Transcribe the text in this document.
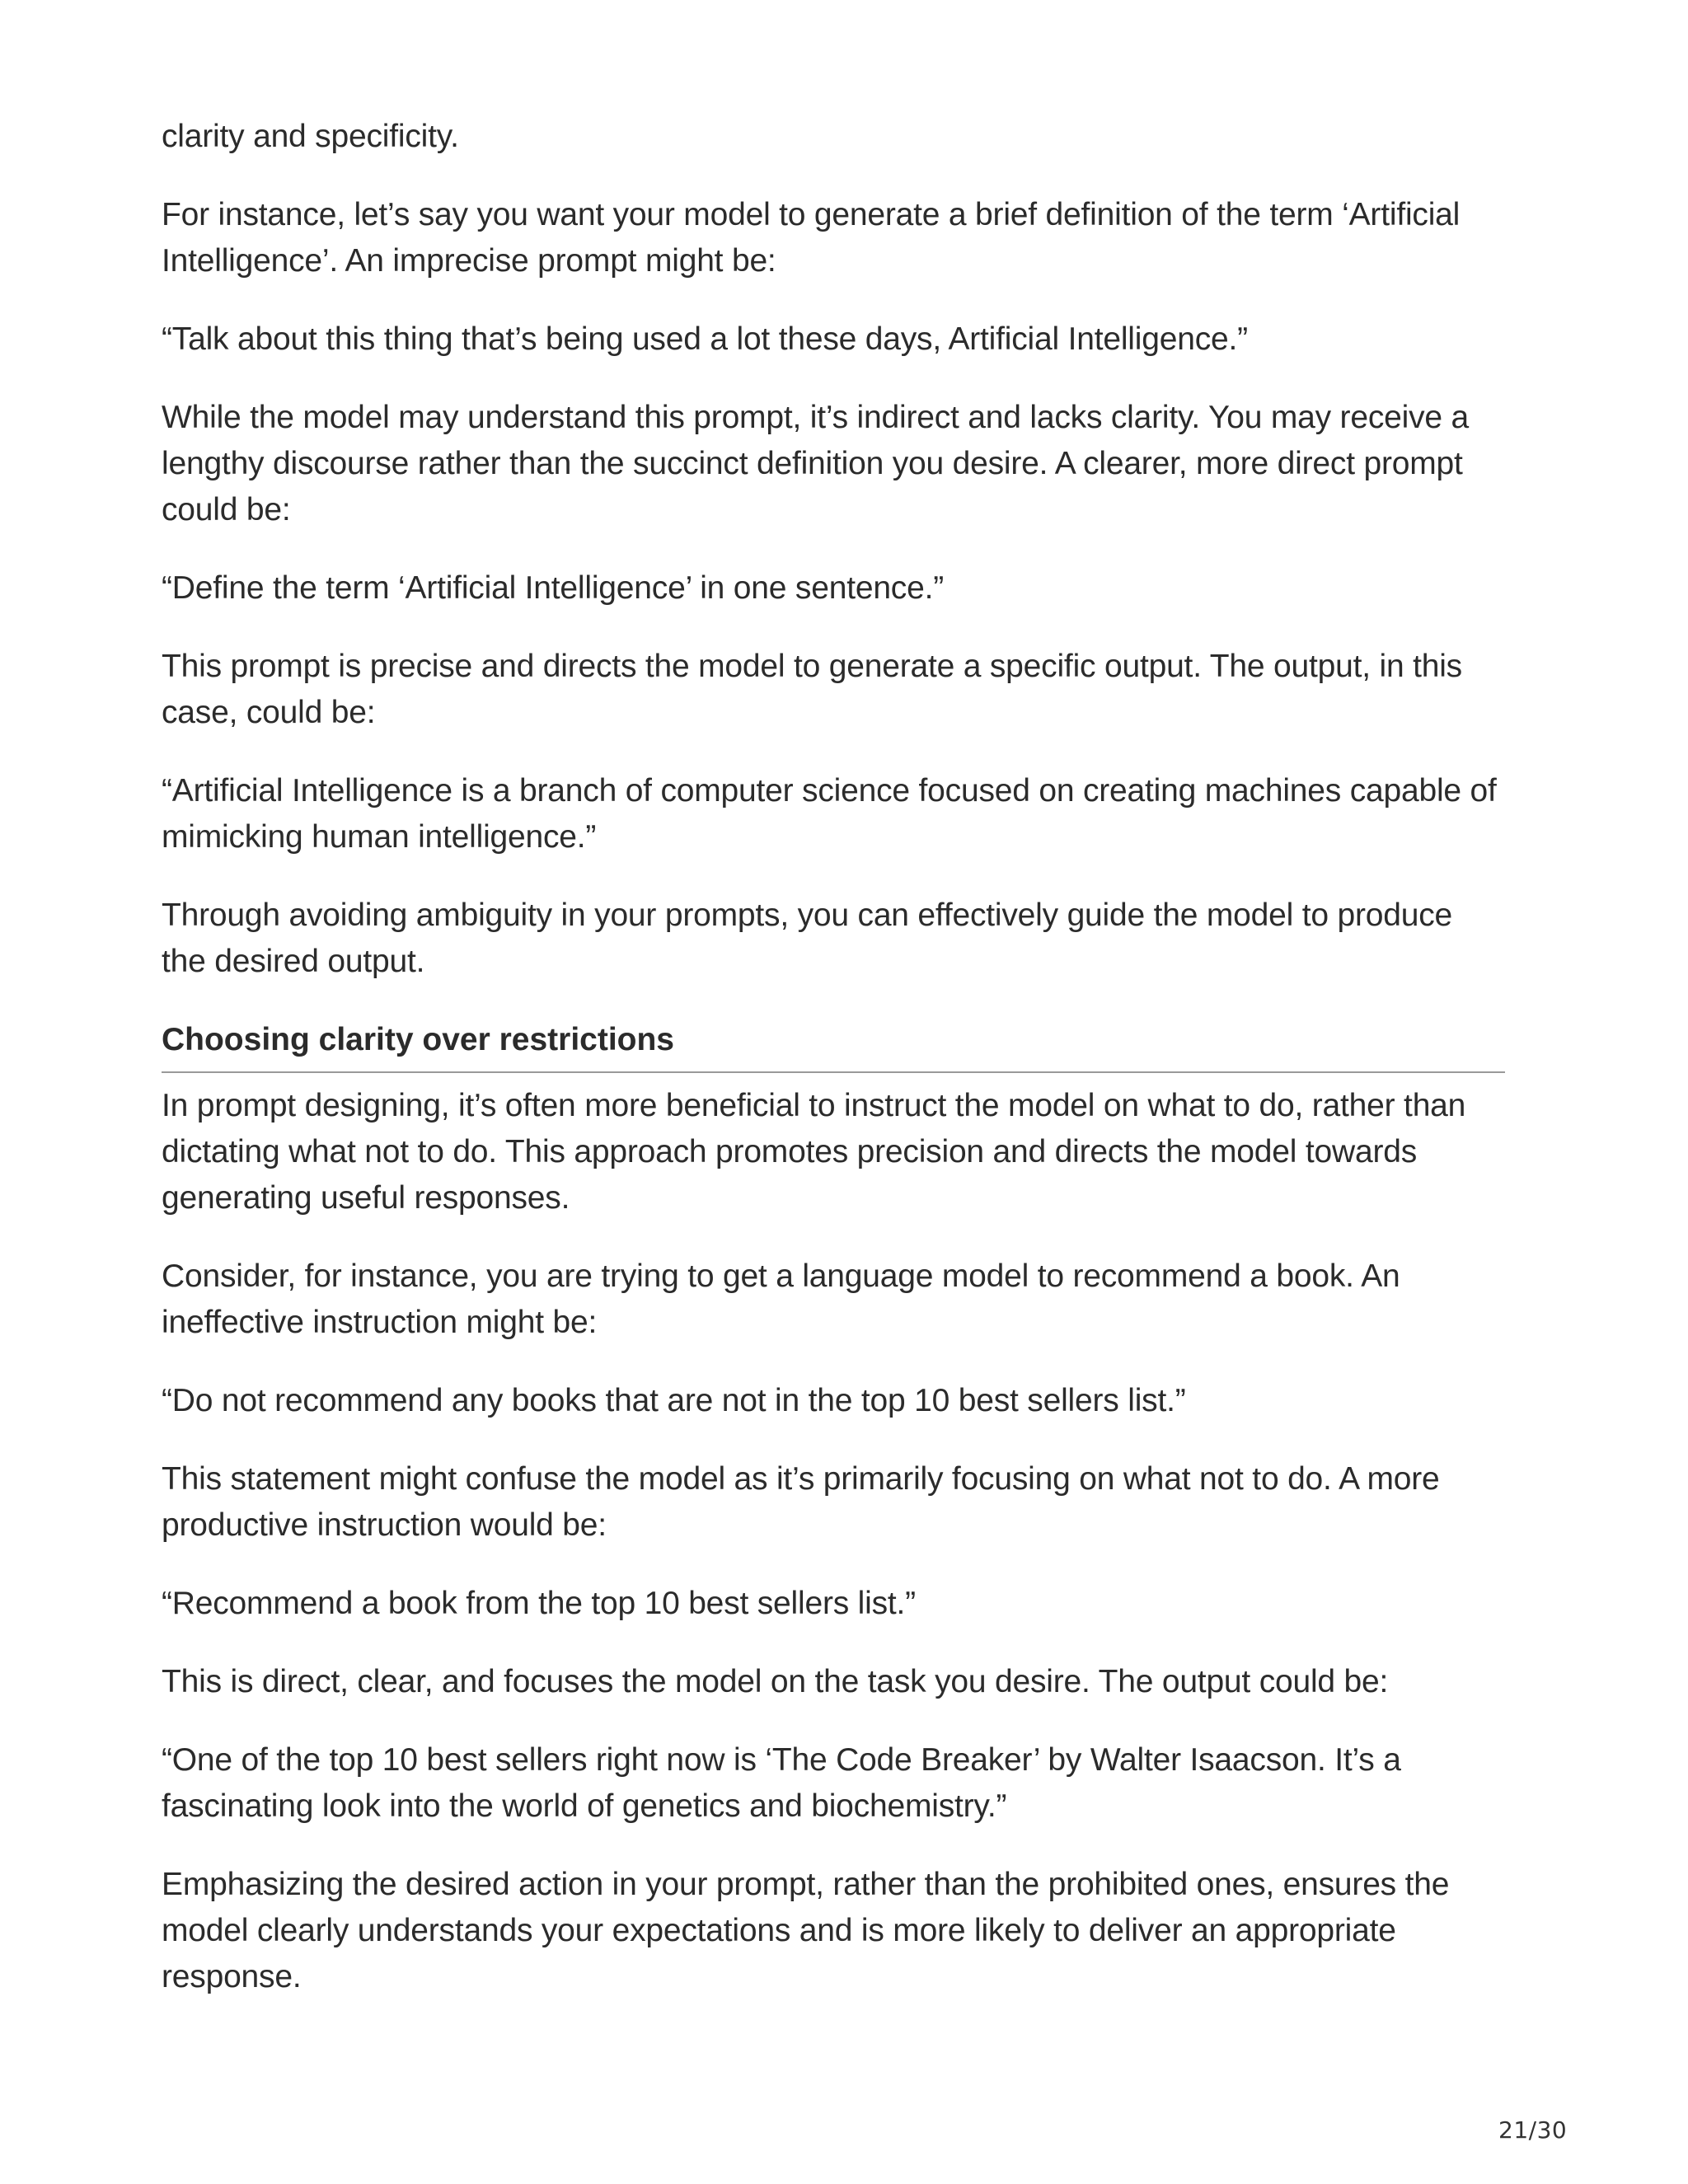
clarity and specificity.

For instance, let’s say you want your model to generate a brief definition of the term ‘Artificial Intelligence’. An imprecise prompt might be:

“Talk about this thing that’s being used a lot these days, Artificial Intelligence.”

While the model may understand this prompt, it’s indirect and lacks clarity. You may receive a lengthy discourse rather than the succinct definition you desire. A clearer, more direct prompt could be:

“Define the term ‘Artificial Intelligence’ in one sentence.”

This prompt is precise and directs the model to generate a specific output. The output, in this case, could be:

“Artificial Intelligence is a branch of computer science focused on creating machines capable of mimicking human intelligence.”

Through avoiding ambiguity in your prompts, you can effectively guide the model to produce the desired output.

Choosing clarity over restrictions

In prompt designing, it’s often more beneficial to instruct the model on what to do, rather than dictating what not to do. This approach promotes precision and directs the model towards generating useful responses.

Consider, for instance, you are trying to get a language model to recommend a book. An ineffective instruction might be:

“Do not recommend any books that are not in the top 10 best sellers list.”

This statement might confuse the model as it’s primarily focusing on what not to do. A more productive instruction would be:

“Recommend a book from the top 10 best sellers list.”

This is direct, clear, and focuses the model on the task you desire. The output could be:

“One of the top 10 best sellers right now is ‘The Code Breaker’ by Walter Isaacson. It’s a fascinating look into the world of genetics and biochemistry.”

Emphasizing the desired action in your prompt, rather than the prohibited ones, ensures the model clearly understands your expectations and is more likely to deliver an appropriate response.

21/30
